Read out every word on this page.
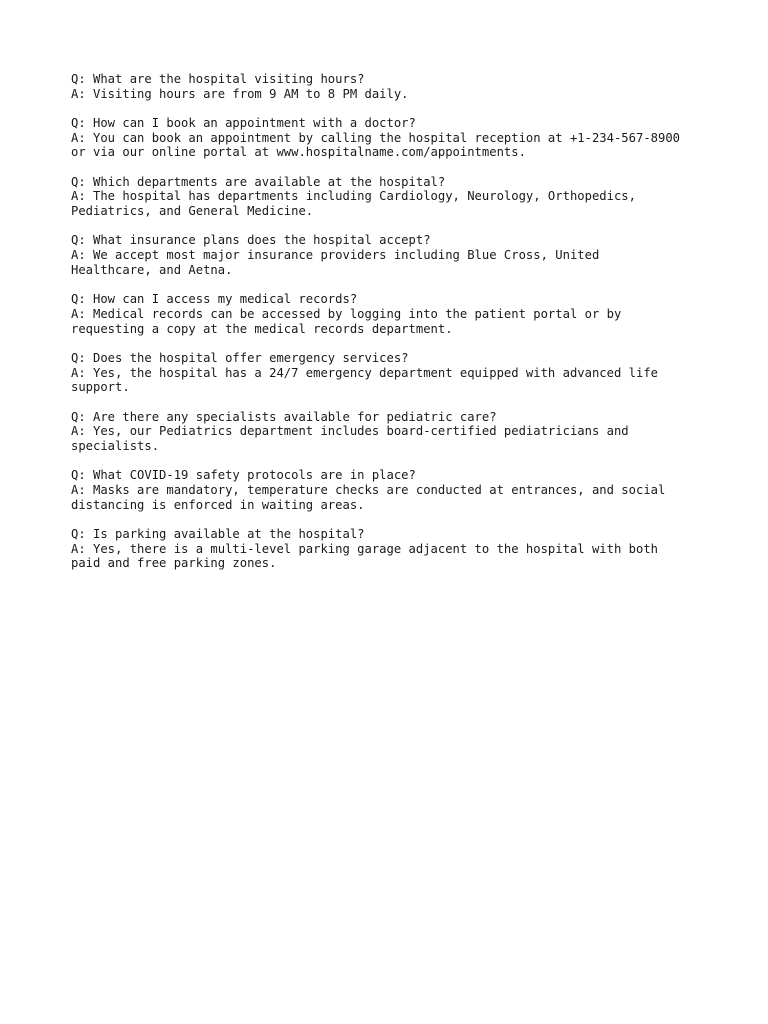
Q: What are the hospital visiting hours?
A: Visiting hours are from 9 AM to 8 PM daily.
Q: How can I book an appointment with a doctor?
A: You can book an appointment by calling the hospital reception at +1-234-567-8900
or via our online portal at www.hospitalname.com/appointments.
Q: Which departments are available at the hospital?
A: The hospital has departments including Cardiology, Neurology, Orthopedics,
Pediatrics, and General Medicine.
Q: What insurance plans does the hospital accept?
A: We accept most major insurance providers including Blue Cross, United
Healthcare, and Aetna.
Q: How can I access my medical records?
A: Medical records can be accessed by logging into the patient portal or by
requesting a copy at the medical records department.
Q: Does the hospital offer emergency services?
A: Yes, the hospital has a 24/7 emergency department equipped with advanced life
support.
Q: Are there any specialists available for pediatric care?
A: Yes, our Pediatrics department includes board-certified pediatricians and
specialists.
Q: What COVID-19 safety protocols are in place?
A: Masks are mandatory, temperature checks are conducted at entrances, and social
distancing is enforced in waiting areas.
Q: Is parking available at the hospital?
A: Yes, there is a multi-level parking garage adjacent to the hospital with both
paid and free parking zones.
